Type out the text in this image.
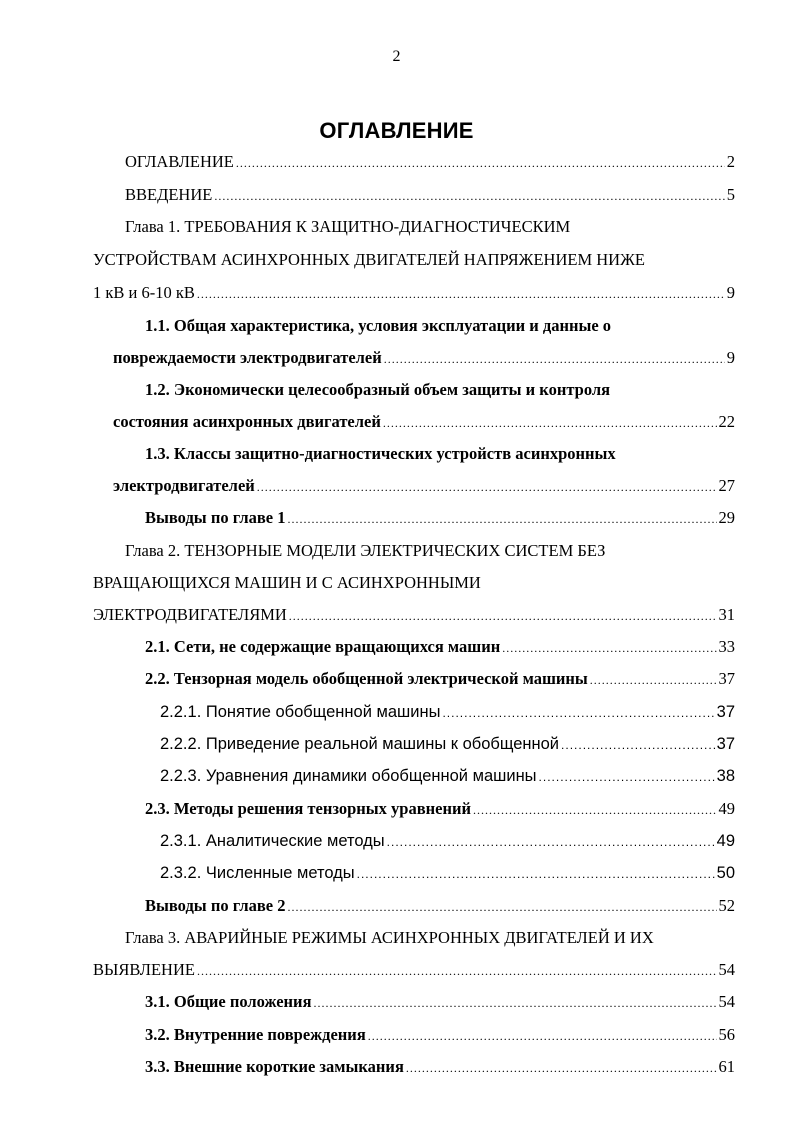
2
ОГЛАВЛЕНИЕ
ОГЛАВЛЕНИЕ .....	2
ВВЕДЕНИЕ .....	5
Глава 1. ТРЕБОВАНИЯ К ЗАЩИТНО-ДИАГНОСТИЧЕСКИМ
УСТРОЙСТВАМ АСИНХРОННЫХ ДВИГАТЕЛЕЙ НАПРЯЖЕНИЕМ НИЖЕ
1 кВ и 6-10 кВ .....	9
1.1. Общая характеристика, условия эксплуатации и данные о
повреждаемости электродвигателей .....	9
1.2. Экономически целесообразный объем защиты и контроля
состояния асинхронных двигателей .....	22
1.3. Классы защитно-диагностических устройств асинхронных
электродвигателей .....	27
Выводы по главе 1 .....	29
Глава 2. ТЕНЗОРНЫЕ МОДЕЛИ ЭЛЕКТРИЧЕСКИХ СИСТЕМ БЕЗ
ВРАЩАЮЩИХСЯ МАШИН И С АСИНХРОННЫМИ
ЭЛЕКТРОДВИГАТЕЛЯМИ .....	31
2.1. Сети, не содержащие вращающихся машин .....	33
2.2. Тензорная модель обобщенной электрической машины .....	37
2.2.1. Понятие обобщенной машины .....	37
2.2.2. Приведение реальной машины к обобщенной .....	37
2.2.3. Уравнения динамики обобщенной машины .....	38
2.3. Методы решения тензорных уравнений .....	49
2.3.1. Аналитические методы .....	49
2.3.2. Численные методы .....	50
Выводы по главе 2 .....	52
Глава 3. АВАРИЙНЫЕ РЕЖИМЫ АСИНХРОННЫХ ДВИГАТЕЛЕЙ И ИХ
ВЫЯВЛЕНИЕ .....	54
3.1. Общие положения .....	54
3.2. Внутренние повреждения .....	56
3.3. Внешние короткие замыкания .....	61
